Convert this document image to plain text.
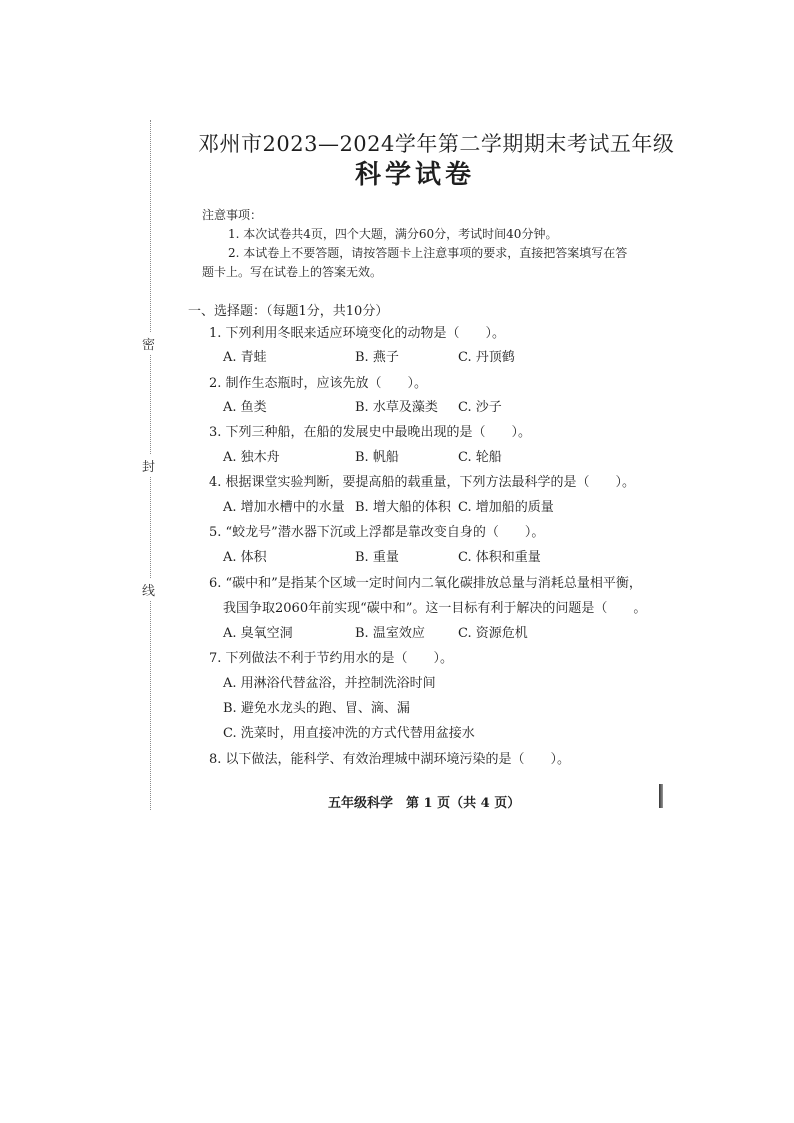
密
封
线
邓州市2023—2024学年第二学期期末考试五年级
科学试卷
注意事项：
1. 本次试卷共4页，四个大题，满分60分，考试时间40分钟。
2. 本试卷上不要答题，请按答题卡上注意事项的要求，直接把答案填写在答
题卡上。写在试卷上的答案无效。
一、选择题：（每题1分，共10分）
1. 下列利用冬眠来适应环境变化的动物是（　　）。
A. 青蛙	B. 燕子	C. 丹顶鹤
2. 制作生态瓶时，应该先放（　　）。
A. 鱼类	B. 水草及藻类 C. 沙子
3. 下列三种船，在船的发展史中最晚出现的是（　　）。
A. 独木舟	B. 帆船	C. 轮船
4. 根据课堂实验判断，要提高船的载重量，下列方法最科学的是（　　）。
A. 增加水槽中的水量 B. 增大船的体积 C. 增加船的质量
5. “蛟龙号”潜水器下沉或上浮都是靠改变自身的（　　）。
A. 体积	B. 重量	C. 体积和重量
6. “碳中和”是指某个区域一定时间内二氧化碳排放总量与消耗总量相平衡，
我国争取2060年前实现“碳中和”。这一目标有利于解决的问题是（　　。
A. 臭氧空洞	B. 温室效应	C. 资源危机
7. 下列做法不利于节约用水的是（　　）。
A. 用淋浴代替盆浴，并控制洗浴时间
B. 避免水龙头的跑、冒、滴、漏
C. 洗菜时，用直接冲洗的方式代替用盆接水
8. 以下做法，能科学、有效治理城中湖环境污染的是（　　）。
五年级科学　第 1 页（共 4 页）
